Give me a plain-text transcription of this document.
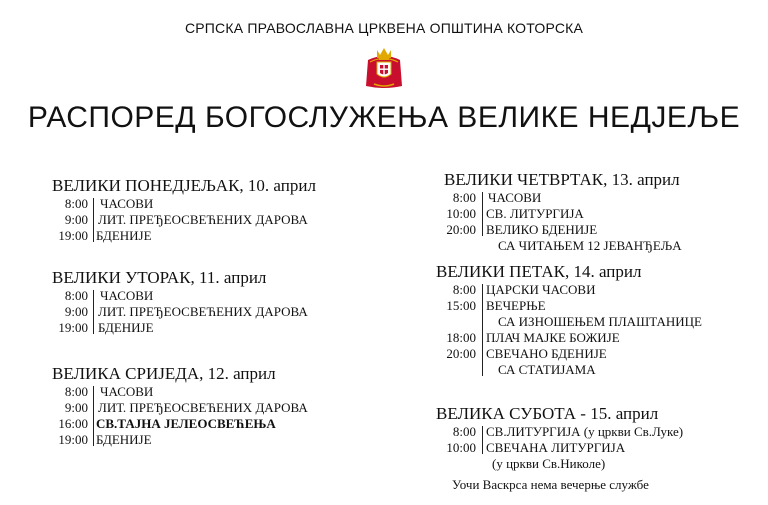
СРПСКА ПРАВОСЛАВНА ЦРКВЕНА ОПШТИНА КОТОРСКА
РАСПОРЕД БОГОСЛУЖЕЊА ВЕЛИКЕ НЕДЈЕЉЕ
ВЕЛИКИ ПОНЕДЈЕЉАК, 10. април
8:00 ЧАСОВИ
9:00 ЛИТ. ПРЕЂЕОСВЕЋЕНИХ ДАРОВА
19:00 БДЕНИЈЕ
ВЕЛИКИ УТОРАК, 11. април
8:00 ЧАСОВИ
9:00 ЛИТ. ПРЕЂЕОСВЕЋЕНИХ ДАРОВА
19:00 БДЕНИЈЕ
ВЕЛИКА СРИЈЕДА, 12. април
8:00 ЧАСОВИ
9:00 ЛИТ. ПРЕЂЕОСВЕЋЕНИХ ДАРОВА
16:00 СВ.ТАЈНА ЈЕЛЕОСВЕЋЕЊА
19:00 БДЕНИЈЕ
ВЕЛИКИ ЧЕТВРТАК, 13. април
8:00 ЧАСОВИ
10:00 СВ. ЛИТУРГИЈА
20:00 ВЕЛИКО БДЕНИЈЕ
СА ЧИТАЊЕМ 12 ЈЕВАНЂЕЉА
ВЕЛИКИ ПЕТАК, 14. април
8:00 ЦАРСКИ ЧАСОВИ
15:00 ВЕЧЕРЊЕ
СА ИЗНОШЕЊЕМ ПЛАШТАНИЦЕ
18:00 ПЛАЧ МАЈКЕ БОЖИЈЕ
20:00 СВЕЧАНО БДЕНИЈЕ
СА СТАТИЈАМА
ВЕЛИКА СУБОТА - 15. април
8:00 СВ.ЛИТУРГИЈА (у цркви Св.Луке)
10:00 СВЕЧАНА ЛИТУРГИЈА
(у цркви Св.Николе)
Уочи Васкрса нема вечерње службе
